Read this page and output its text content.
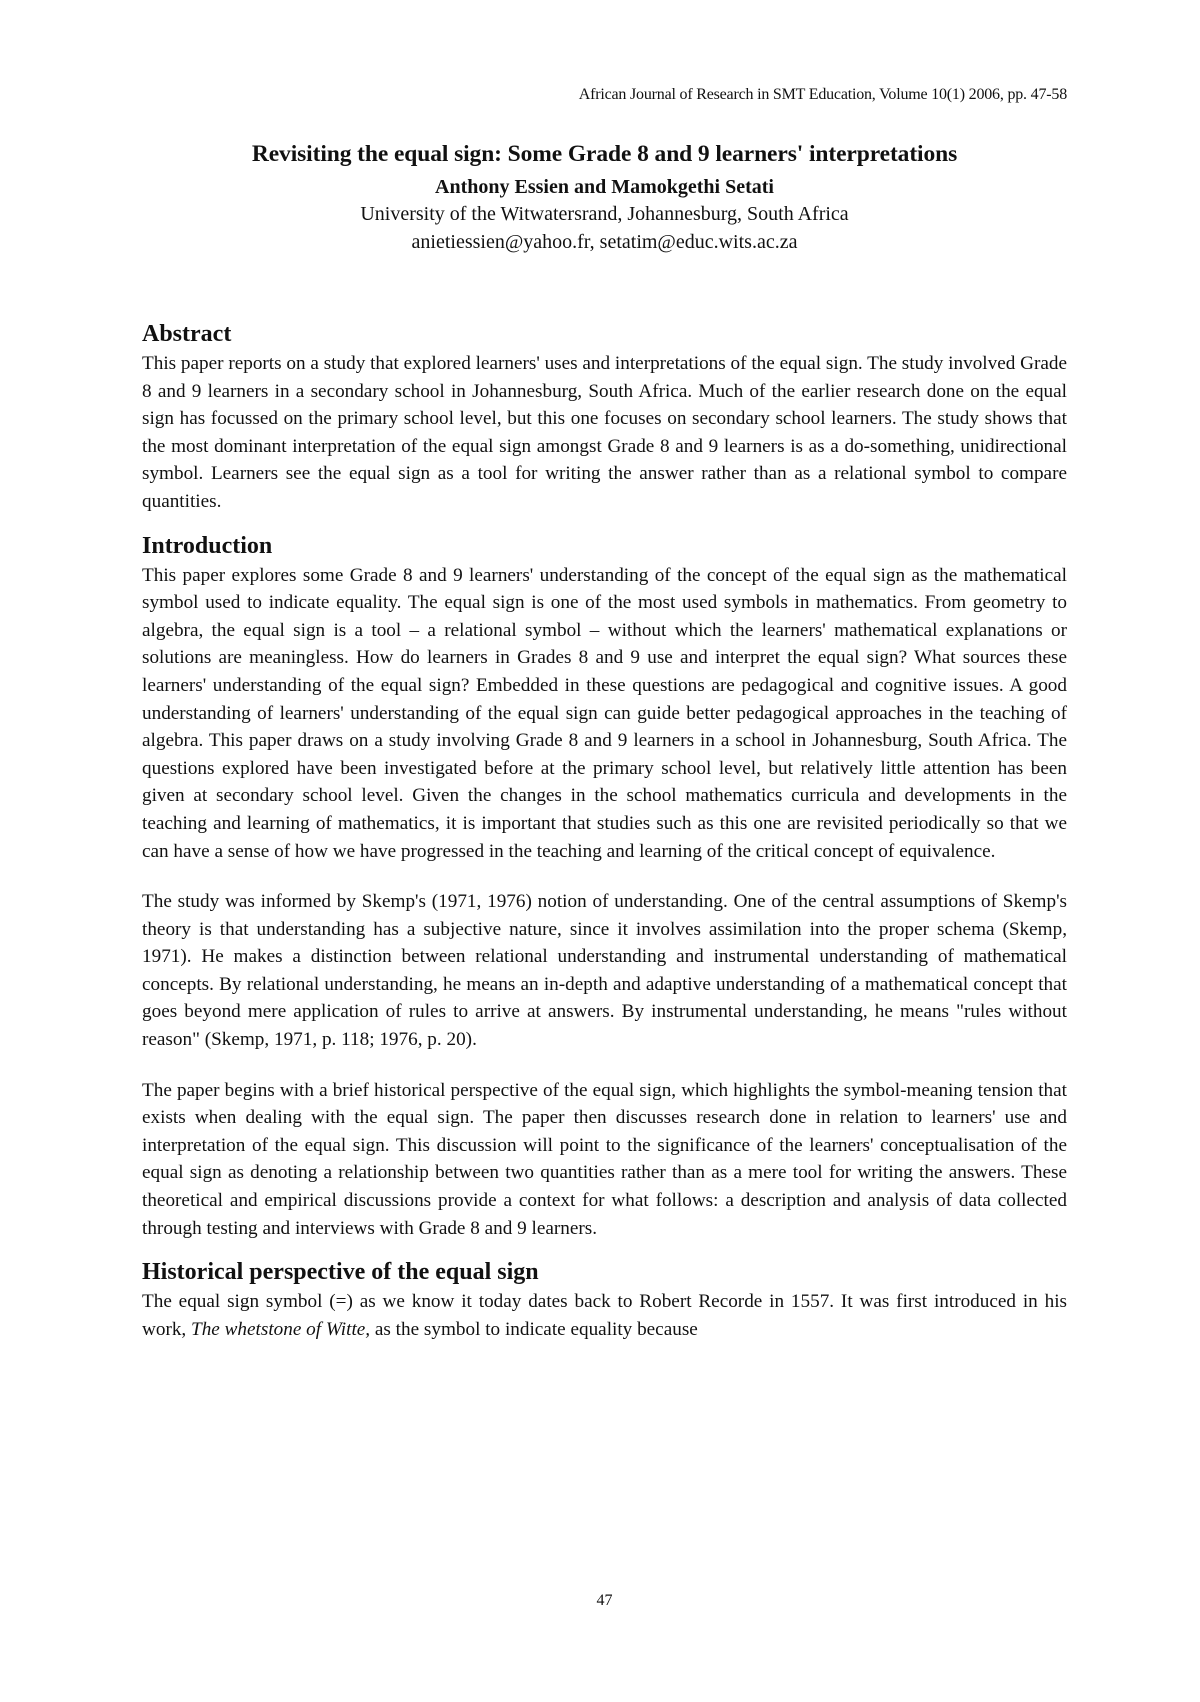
African Journal of Research in SMT Education, Volume 10(1) 2006, pp. 47-58
Revisiting the equal sign: Some Grade 8 and 9 learners' interpretations
Anthony Essien and Mamokgethi Setati
University of the Witwatersrand, Johannesburg, South Africa
anietiessien@yahoo.fr, setatim@educ.wits.ac.za
Abstract

This paper reports on a study that explored learners' uses and interpretations of the equal sign. The study involved Grade 8 and 9 learners in a secondary school in Johannesburg, South Africa. Much of the earlier research done on the equal sign has focussed on the primary school level, but this one focuses on secondary school learners. The study shows that the most dominant interpretation of the equal sign amongst Grade 8 and 9 learners is as a do-something, unidirectional symbol. Learners see the equal sign as a tool for writing the answer rather than as a relational symbol to compare quantities.

Introduction

This paper explores some Grade 8 and 9 learners' understanding of the concept of the equal sign as the mathematical symbol used to indicate equality. The equal sign is one of the most used symbols in mathematics. From geometry to algebra, the equal sign is a tool – a relational symbol – without which the learners' mathematical explanations or solutions are meaningless. How do learners in Grades 8 and 9 use and interpret the equal sign? What sources these learners' understanding of the equal sign? Embedded in these questions are pedagogical and cognitive issues. A good understanding of learners' understanding of the equal sign can guide better pedagogical approaches in the teaching of algebra. This paper draws on a study involving Grade 8 and 9 learners in a school in Johannesburg, South Africa. The questions explored have been investigated before at the primary school level, but relatively little attention has been given at secondary school level. Given the changes in the school mathematics curricula and developments in the teaching and learning of mathematics, it is important that studies such as this one are revisited periodically so that we can have a sense of how we have progressed in the teaching and learning of the critical concept of equivalence.

The study was informed by Skemp's (1971, 1976) notion of understanding. One of the central assumptions of Skemp's theory is that understanding has a subjective nature, since it involves assimilation into the proper schema (Skemp, 1971). He makes a distinction between relational understanding and instrumental understanding of mathematical concepts. By relational understanding, he means an in-depth and adaptive understanding of a mathematical concept that goes beyond mere application of rules to arrive at answers. By instrumental understanding, he means "rules without reason" (Skemp, 1971, p. 118; 1976, p. 20).

The paper begins with a brief historical perspective of the equal sign, which highlights the symbol-meaning tension that exists when dealing with the equal sign. The paper then discusses research done in relation to learners' use and interpretation of the equal sign. This discussion will point to the significance of the learners' conceptualisation of the equal sign as denoting a relationship between two quantities rather than as a mere tool for writing the answers. These theoretical and empirical discussions provide a context for what follows: a description and analysis of data collected through testing and interviews with Grade 8 and 9 learners.

Historical perspective of the equal sign

The equal sign symbol (=) as we know it today dates back to Robert Recorde in 1557. It was first introduced in his work, The whetstone of Witte, as the symbol to indicate equality because

47
